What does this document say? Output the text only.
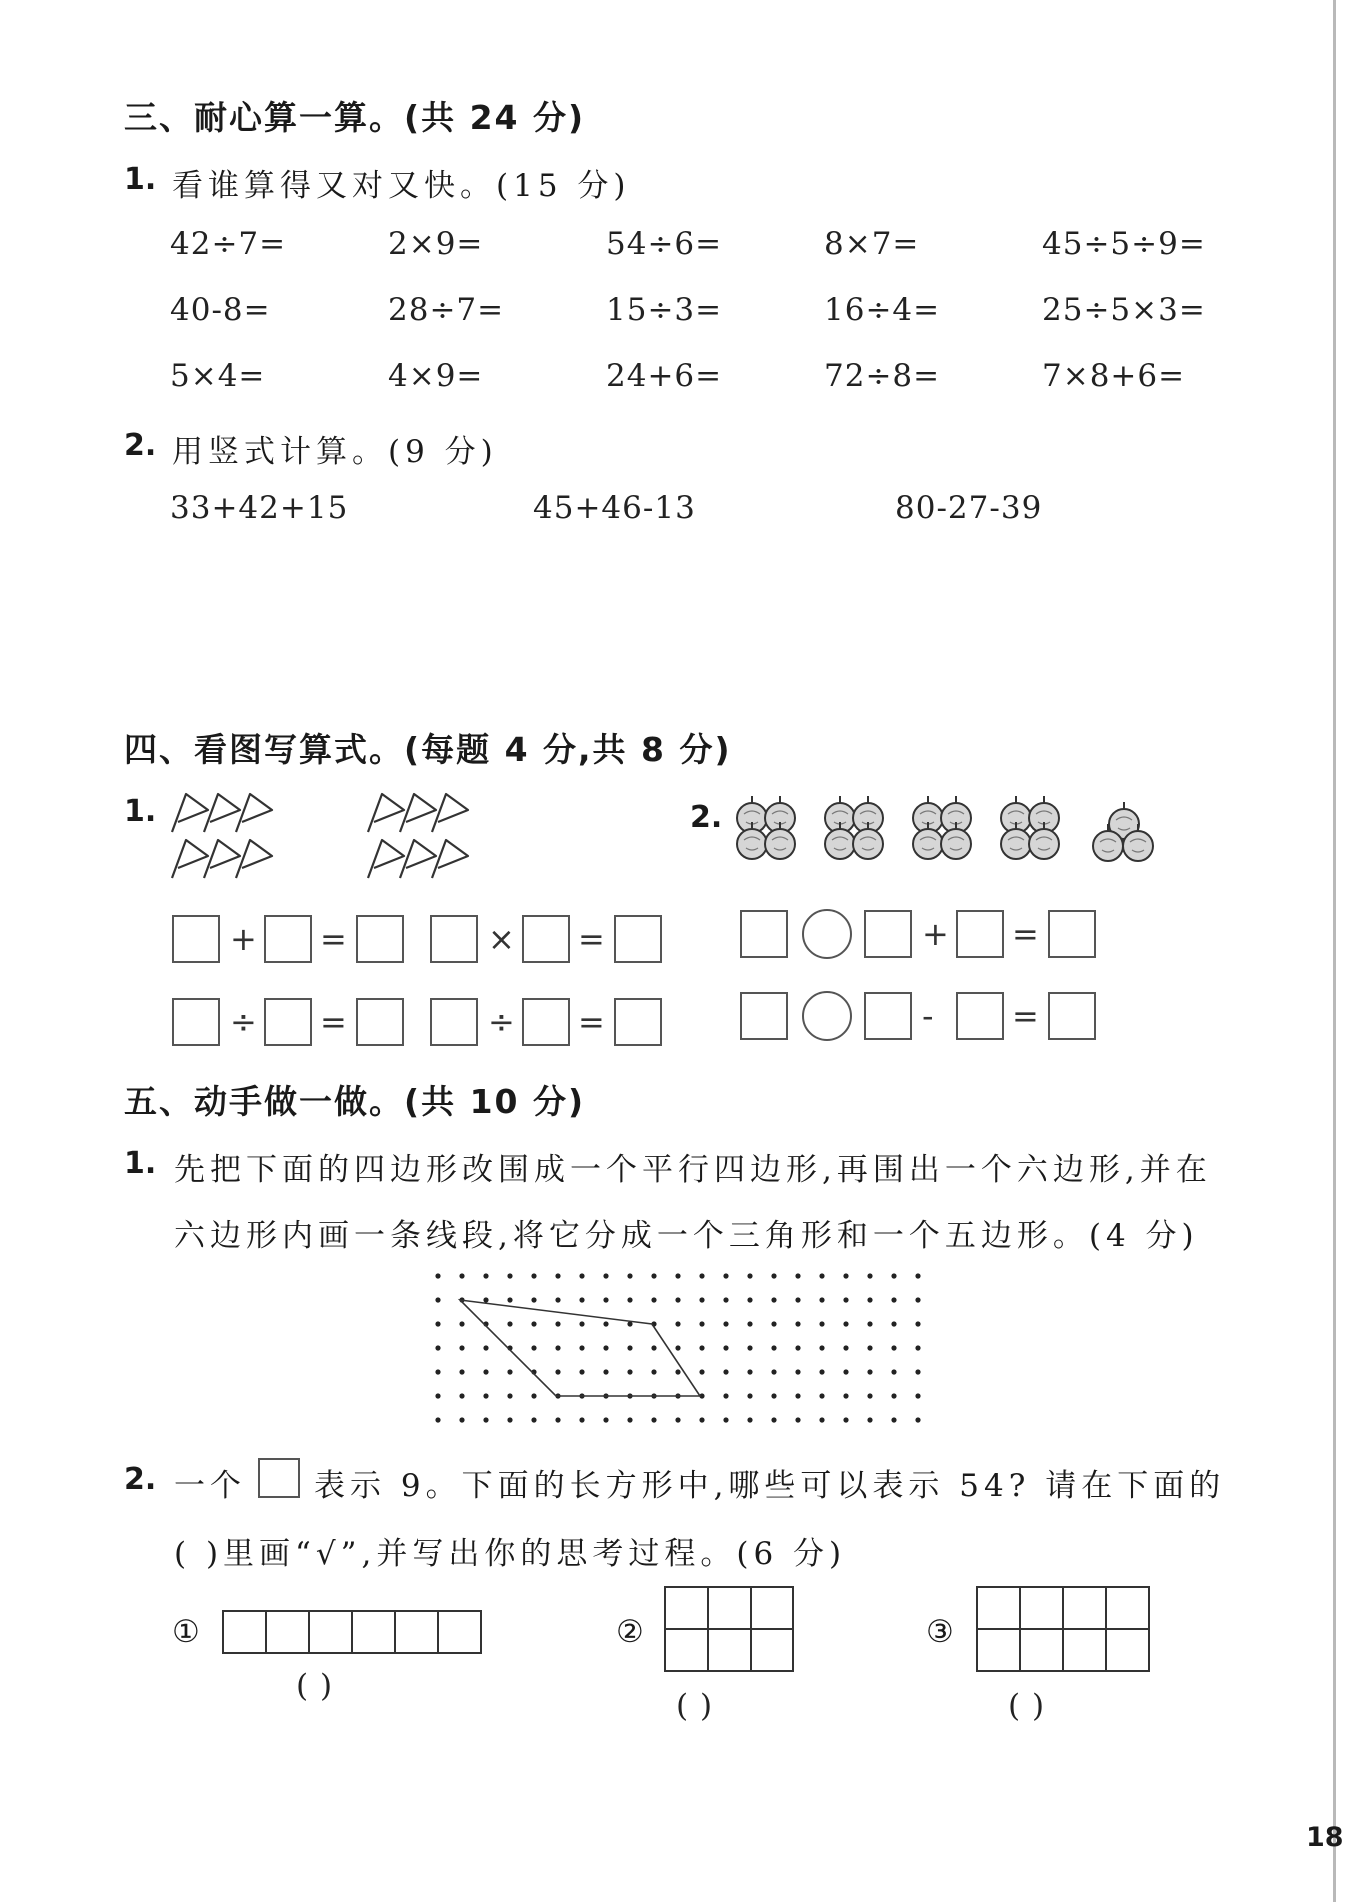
18
三、耐心算一算。(共 24 分)
1. 看谁算得又对又快。(15 分)
42÷7=	2×9=	54÷6=	8×7=	45÷5÷9=
40-8=	28÷7=	15÷3=	16÷4=	25÷5×3=
5×4=	4×9=	24+6=	72÷8=	7×8+6=
2. 用竖式计算。(9 分)
33+42+15	45+46-13	80-27-39
四、看图写算式。(每题 4 分,共 8 分)
1.	2.
+ =	× =
÷ =	÷ =
+ =
- =
五、动手做一做。(共 10 分)
1. 先把下面的四边形改围成一个平行四边形,再围出一个六边形,并在
六边形内画一条线段,将它分成一个三角形和一个五边形。(4 分)
2. 一个 表示 9。下面的长方形中,哪些可以表示 54? 请在下面的
( )里画“√”,并写出你的思考过程。(6 分)
①
( )
②
( )
③
( )
